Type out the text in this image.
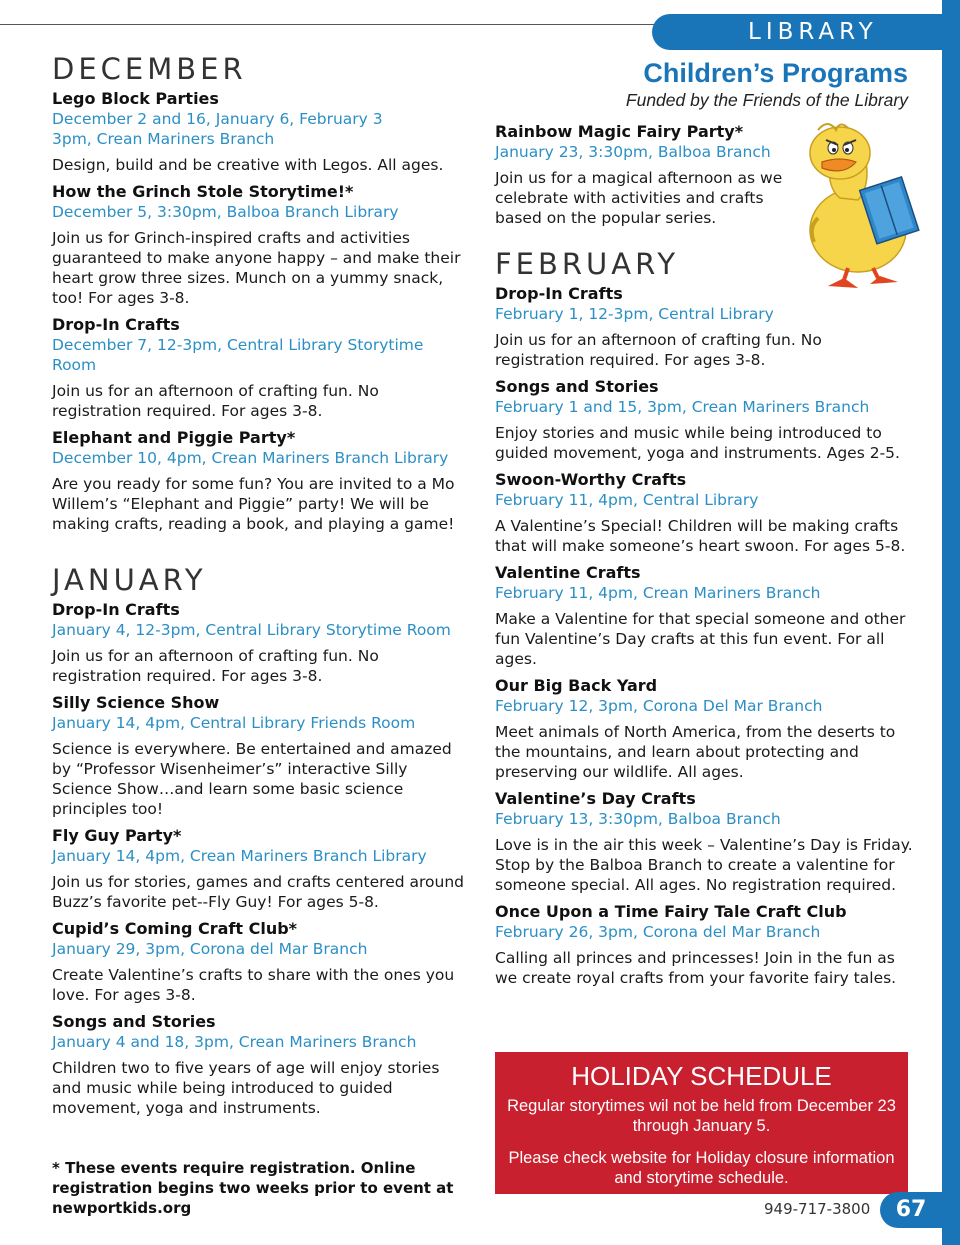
LIBRARY
Children’s Programs
Funded by the Friends of the Library
DECEMBER
Lego Block Parties
December 2 and 16, January 6, February 3
3pm, Crean Mariners Branch
Design, build and be creative with Legos. All ages.
How the Grinch Stole Storytime!*
December 5, 3:30pm, Balboa Branch Library
Join us for Grinch-inspired crafts and activities guaranteed to make anyone happy – and make their heart grow three sizes. Munch on a yummy snack, too! For ages 3-8.
Drop-In Crafts
December 7, 12-3pm, Central Library Storytime Room
Join us for an afternoon of crafting fun. No registration required. For ages 3-8.
Elephant and Piggie Party*
December 10, 4pm, Crean Mariners Branch Library
Are you ready for some fun? You are invited to a Mo Willem’s “Elephant and Piggie” party! We will be making crafts, reading a book, and playing a game!
JANUARY
Drop-In Crafts
January 4, 12-3pm, Central Library Storytime Room
Join us for an afternoon of crafting fun. No registration required. For ages 3-8.
Silly Science Show
January 14, 4pm, Central Library Friends Room
Science is everywhere. Be entertained and amazed by “Professor Wisenheimer’s” interactive Silly Science Show…and learn some basic science principles too!
Fly Guy Party*
January 14, 4pm, Crean Mariners Branch Library
Join us for stories, games and crafts centered around Buzz’s favorite pet--Fly Guy! For ages 5-8.
Cupid’s Coming Craft Club*
January 29, 3pm, Corona del Mar Branch
Create Valentine’s crafts to share with the ones you love. For ages 3-8.
Songs and Stories
January 4 and 18, 3pm, Crean Mariners Branch
Children two to five years of age will enjoy stories and music while being introduced to guided movement, yoga and instruments.
Rainbow Magic Fairy Party*
January 23, 3:30pm, Balboa Branch
Join us for a magical afternoon as we celebrate with activities and crafts based on the popular series.
FEBRUARY
Drop-In Crafts
February 1, 12-3pm, Central Library
Join us for an afternoon of crafting fun. No registration required. For ages 3-8.
Songs and Stories
February 1 and 15, 3pm, Crean Mariners Branch
Enjoy stories and music while being introduced to guided movement, yoga and instruments. Ages 2-5.
Swoon-Worthy Crafts
February 11, 4pm, Central Library
A Valentine’s Special! Children will be making crafts that will make someone’s heart swoon. For ages 5-8.
Valentine Crafts
February 11, 4pm, Crean Mariners Branch
Make a Valentine for that special someone and other fun Valentine’s Day crafts at this fun event. For all ages.
Our Big Back Yard
February 12, 3pm, Corona Del Mar Branch
Meet animals of North America, from the deserts to the mountains, and learn about protecting and preserving our wildlife. All ages.
Valentine’s Day Crafts
February 13, 3:30pm, Balboa Branch
Love is in the air this week – Valentine’s Day is Friday. Stop by the Balboa Branch to create a valentine for someone special. All ages. No registration required.
Once Upon a Time Fairy Tale Craft Club
February 26, 3pm, Corona del Mar Branch
Calling all princes and princesses! Join in the fun as we create royal crafts from your favorite fairy tales.
* These events require registration. Online registration begins two weeks prior to event at newportkids.org
HOLIDAY SCHEDULE
Regular storytimes wil not be held from December 23 through January 5.
Please check website for Holiday closure information and storytime schedule.
949-717-3800	67
